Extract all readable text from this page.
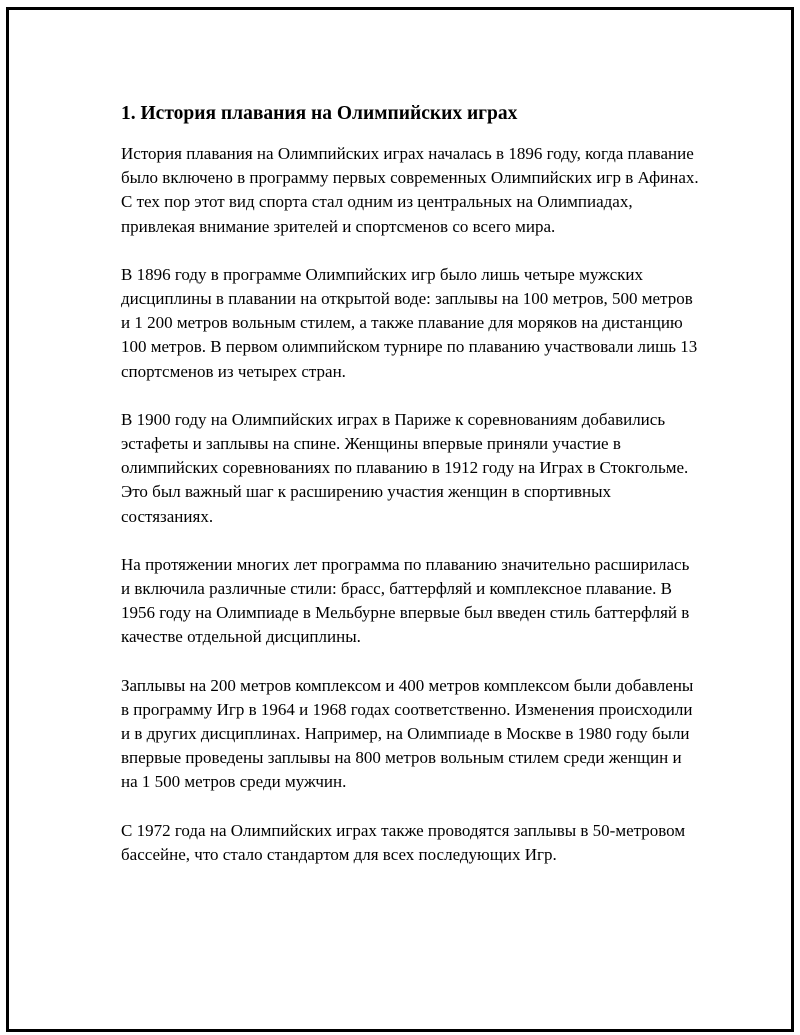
1. История плавания на Олимпийских играх

История плавания на Олимпийских играх началась в 1896 году, когда плавание было включено в программу первых современных Олимпийских игр в Афинах. С тех пор этот вид спорта стал одним из центральных на Олимпиадах, привлекая внимание зрителей и спортсменов со всего мира.

В 1896 году в программе Олимпийских игр было лишь четыре мужских дисциплины в плавании на открытой воде: заплывы на 100 метров, 500 метров и 1 200 метров вольным стилем, а также плавание для моряков на дистанцию 100 метров. В первом олимпийском турнире по плаванию участвовали лишь 13 спортсменов из четырех стран.

В 1900 году на Олимпийских играх в Париже к соревнованиям добавились эстафеты и заплывы на спине. Женщины впервые приняли участие в олимпийских соревнованиях по плаванию в 1912 году на Играх в Стокгольме. Это был важный шаг к расширению участия женщин в спортивных состязаниях.

На протяжении многих лет программа по плаванию значительно расширилась и включила различные стили: брасс, баттерфляй и комплексное плавание. В 1956 году на Олимпиаде в Мельбурне впервые был введен стиль баттерфляй в качестве отдельной дисциплины.

Заплывы на 200 метров комплексом и 400 метров комплексом были добавлены в программу Игр в 1964 и 1968 годах соответственно. Изменения происходили и в других дисциплинах. Например, на Олимпиаде в Москве в 1980 году были впервые проведены заплывы на 800 метров вольным стилем среди женщин и на 1 500 метров среди мужчин.

С 1972 года на Олимпийских играх также проводятся заплывы в 50-метровом бассейне, что стало стандартом для всех последующих Игр.
